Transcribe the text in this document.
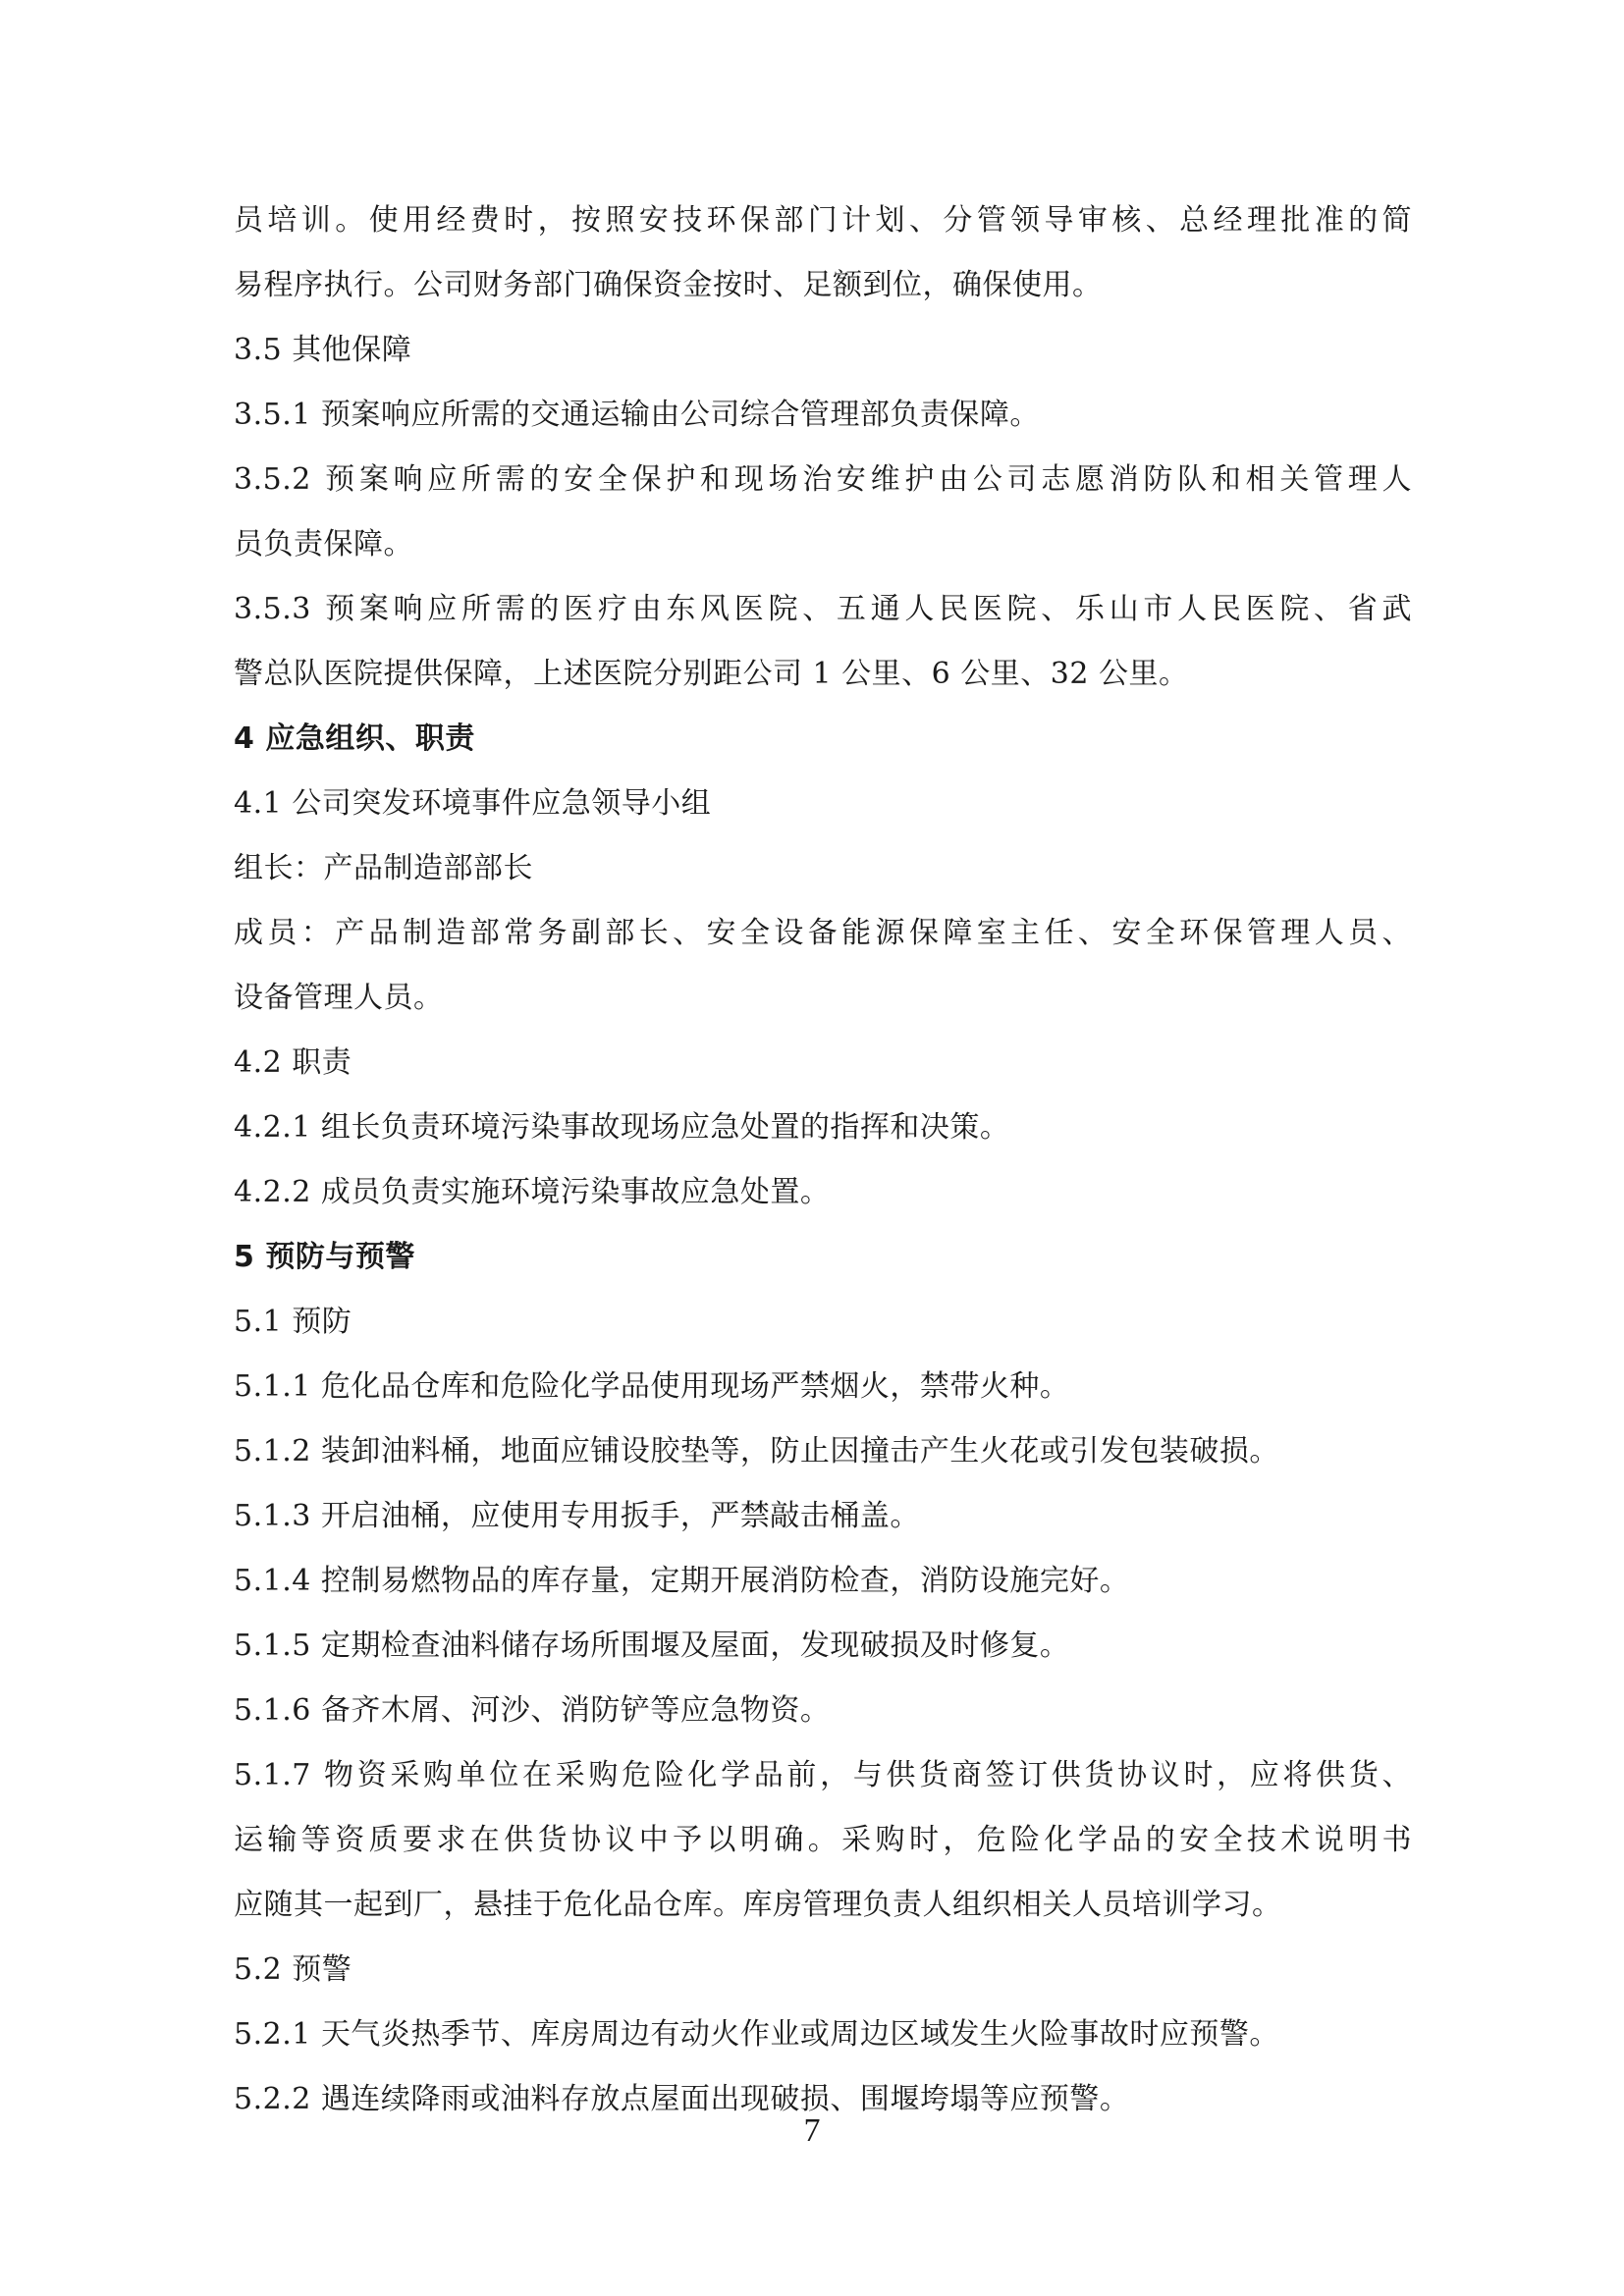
员培训。使用经费时，按照安技环保部门计划、分管领导审核、总经理批准的简
易程序执行。公司财务部门确保资金按时、足额到位，确保使用。
3.5 其他保障
3.5.1 预案响应所需的交通运输由公司综合管理部负责保障。
3.5.2 预案响应所需的安全保护和现场治安维护由公司志愿消防队和相关管理人
员负责保障。
3.5.3 预案响应所需的医疗由东风医院、五通人民医院、乐山市人民医院、省武
警总队医院提供保障，上述医院分别距公司 1 公里、6 公里、32 公里。
4 应急组织、职责
4.1 公司突发环境事件应急领导小组
组长：产品制造部部长
成员：产品制造部常务副部长、安全设备能源保障室主任、安全环保管理人员、
设备管理人员。
4.2 职责
4.2.1 组长负责环境污染事故现场应急处置的指挥和决策。
4.2.2 成员负责实施环境污染事故应急处置。
5 预防与预警
5.1 预防
5.1.1 危化品仓库和危险化学品使用现场严禁烟火，禁带火种。
5.1.2 装卸油料桶，地面应铺设胶垫等，防止因撞击产生火花或引发包装破损。
5.1.3 开启油桶，应使用专用扳手，严禁敲击桶盖。
5.1.4 控制易燃物品的库存量，定期开展消防检查，消防设施完好。
5.1.5 定期检查油料储存场所围堰及屋面，发现破损及时修复。
5.1.6 备齐木屑、河沙、消防铲等应急物资。
5.1.7 物资采购单位在采购危险化学品前，与供货商签订供货协议时，应将供货、
运输等资质要求在供货协议中予以明确。采购时，危险化学品的安全技术说明书
应随其一起到厂，悬挂于危化品仓库。库房管理负责人组织相关人员培训学习。
5.2 预警
5.2.1 天气炎热季节、库房周边有动火作业或周边区域发生火险事故时应预警。
5.2.2 遇连续降雨或油料存放点屋面出现破损、围堰垮塌等应预警。
7
